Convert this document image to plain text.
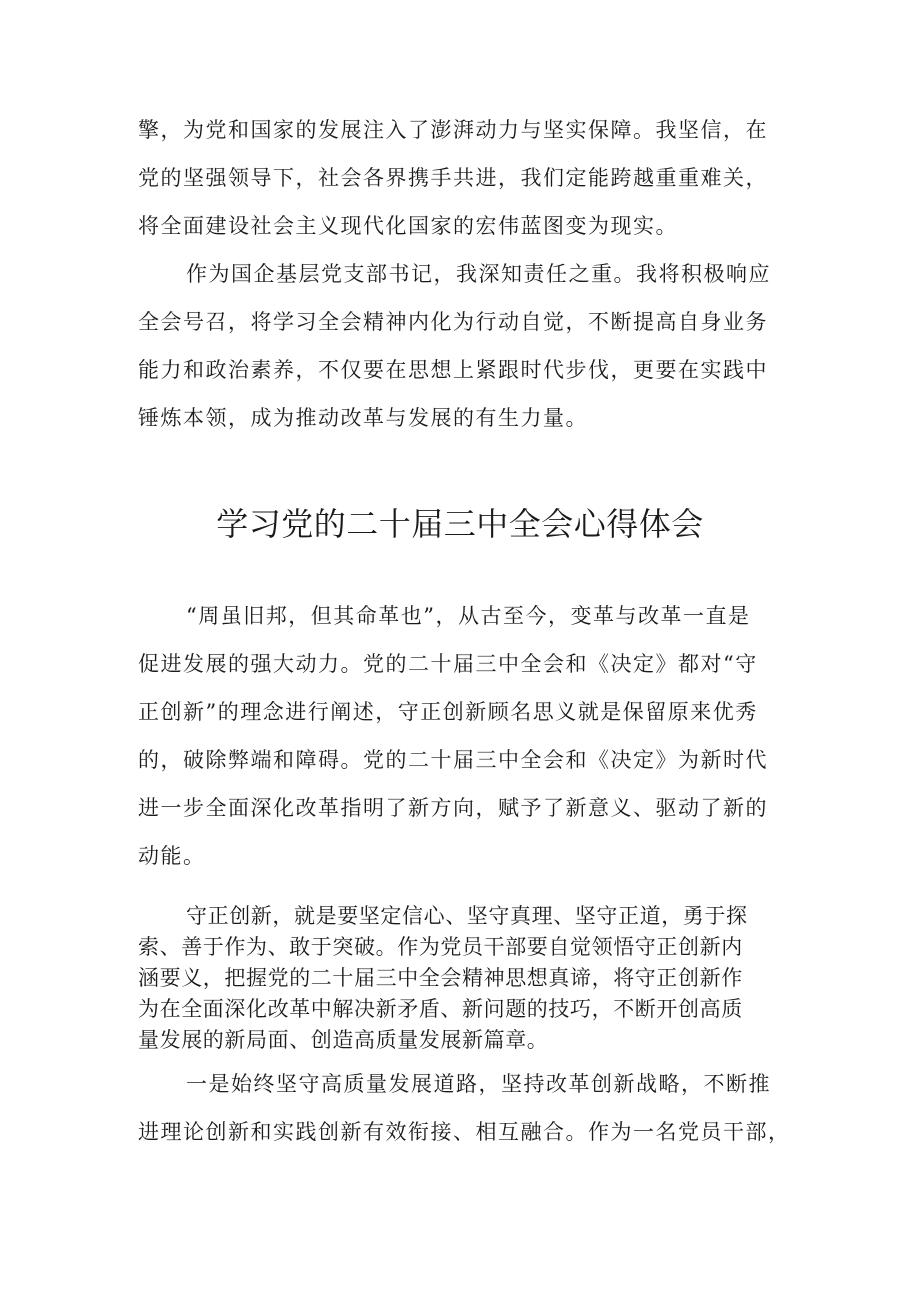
擎，为党和国家的发展注入了澎湃动力与坚实保障。我坚信，在

党的坚强领导下，社会各界携手共进，我们定能跨越重重难关，

将全面建设社会主义现代化国家的宏伟蓝图变为现实。

作为国企基层党支部书记，我深知责任之重。我将积极响应

全会号召，将学习全会精神内化为行动自觉，不断提高自身业务

能力和政治素养，不仅要在思想上紧跟时代步伐，更要在实践中

锤炼本领，成为推动改革与发展的有生力量。

学习党的二十届三中全会心得体会

“周虽旧邦，但其命革也”，从古至今，变革与改革一直是

促进发展的强大动力。党的二十届三中全会和《决定》都对“守

正创新”的理念进行阐述，守正创新顾名思义就是保留原来优秀

的，破除弊端和障碍。党的二十届三中全会和《决定》为新时代

进一步全面深化改革指明了新方向，赋予了新意义、驱动了新的

动能。

守正创新，就是要坚定信心、坚守真理、坚守正道，勇于探

索、善于作为、敢于突破。作为党员干部要自觉领悟守正创新内

涵要义，把握党的二十届三中全会精神思想真谛，将守正创新作

为在全面深化改革中解决新矛盾、新问题的技巧，不断开创高质

量发展的新局面、创造高质量发展新篇章。

一是始终坚守高质量发展道路，坚持改革创新战略，不断推

进理论创新和实践创新有效衔接、相互融合。作为一名党员干部，
